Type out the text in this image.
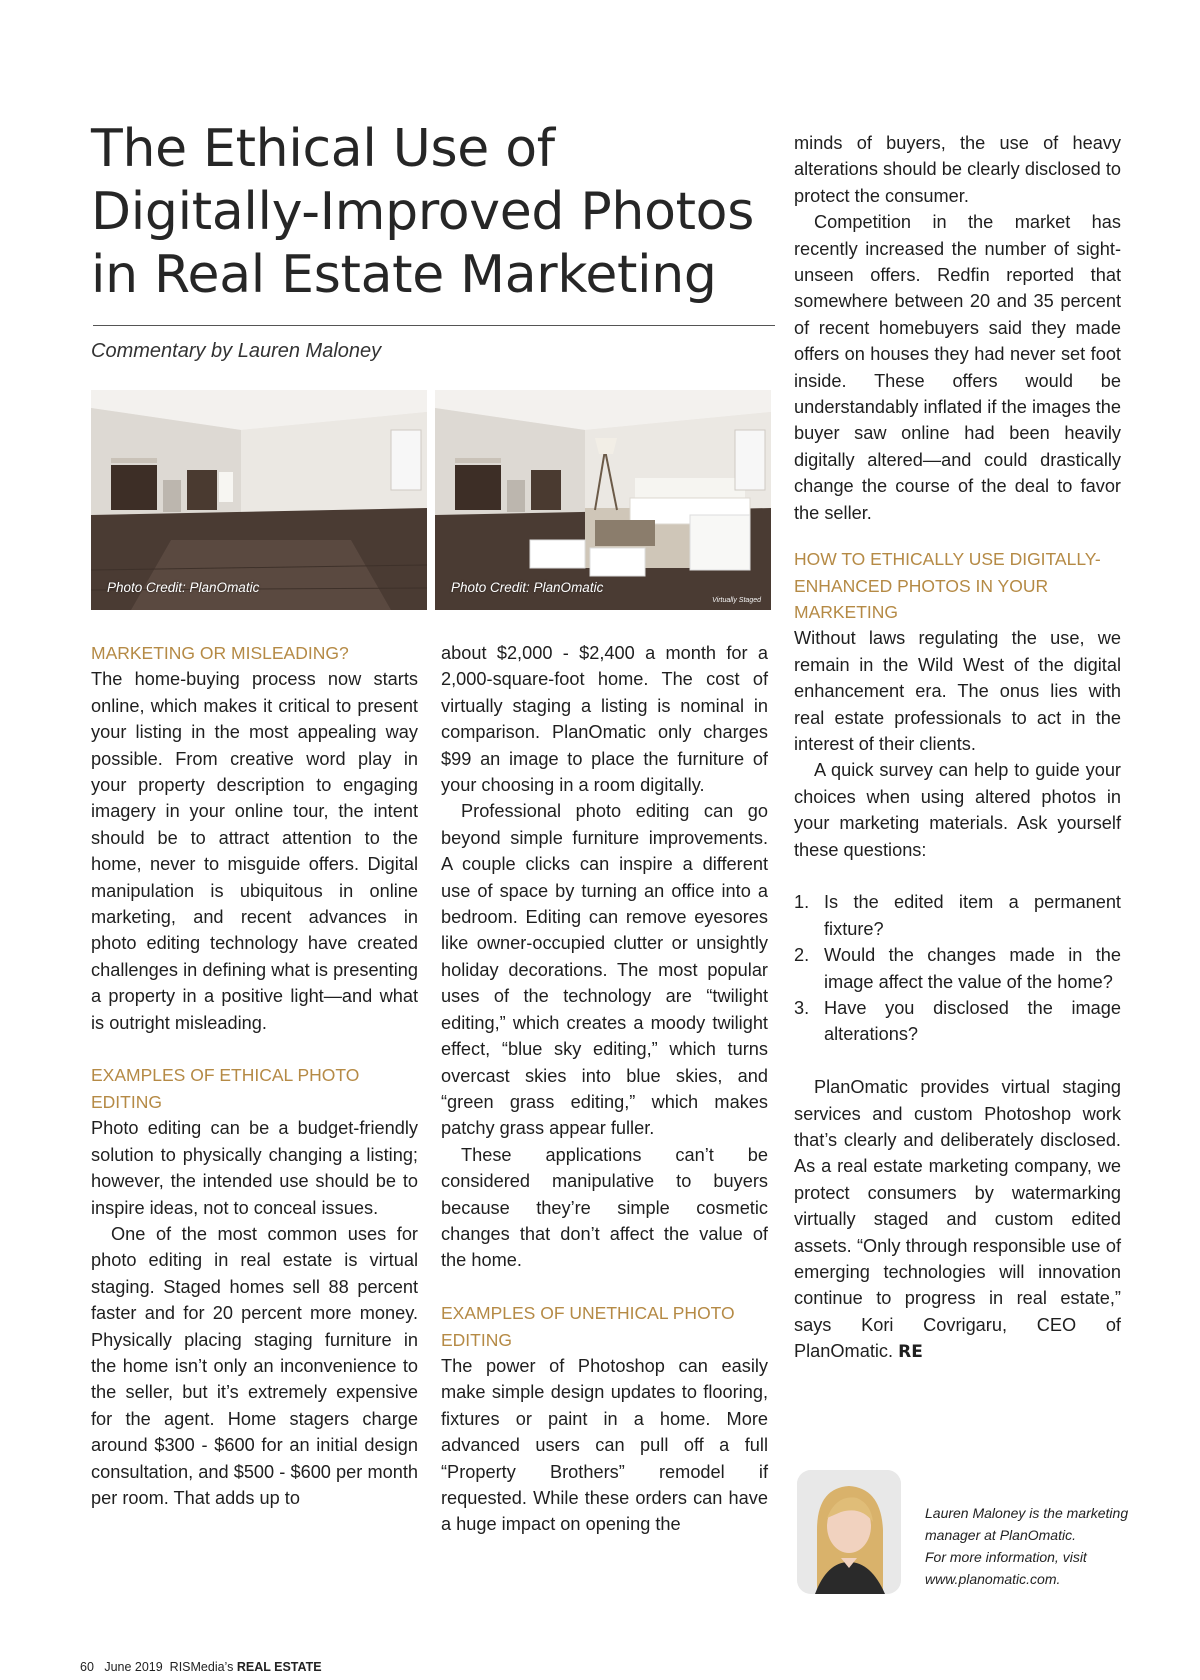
The Ethical Use of Digitally-Improved Photos in Real Estate Marketing

Commentary by Lauren Maloney

Photo Credit: PlanOmatic	Photo Credit: PlanOmatic
Virtually Staged
MARKETING OR MISLEADING?

The home-buying process now starts online, which makes it critical to present your listing in the most appealing way possible. From creative word play in your property description to engaging imagery in your online tour, the intent should be to attract attention to the home, never to misguide offers. Digital manipulation is ubiquitous in online marketing, and recent advances in photo editing technology have created challenges in defining what is presenting a property in a positive light—and what is outright misleading.

EXAMPLES OF ETHICAL PHOTO EDITING

Photo editing can be a budget-friendly solution to physically changing a listing; however, the intended use should be to inspire ideas, not to conceal issues.

One of the most common uses for photo editing in real estate is virtual staging. Staged homes sell 88 percent faster and for 20 percent more money. Physically placing staging furniture in the home isn’t only an inconvenience to the seller, but it’s extremely expensive for the agent. Home stagers charge around $300 - $600 for an initial design consultation, and $500 - $600 per month per room. That adds up to

about $2,000 - $2,400 a month for a 2,000-square-foot home. The cost of virtually staging a listing is nominal in comparison. PlanOmatic only charges $99 an image to place the furniture of your choosing in a room digitally.

Professional photo editing can go beyond simple furniture improvements. A couple clicks can inspire a different use of space by turning an office into a bedroom. Editing can remove eyesores like owner-occupied clutter or unsightly holiday decorations. The most popular uses of the technology are “twilight editing,” which creates a moody twilight effect, “blue sky editing,” which turns overcast skies into blue skies, and “green grass editing,” which makes patchy grass appear fuller.

These applications can’t be considered manipulative to buyers because they’re simple cosmetic changes that don’t affect the value of the home.

EXAMPLES OF UNETHICAL PHOTO EDITING

The power of Photoshop can easily make simple design updates to flooring, fixtures or paint in a home. More advanced users can pull off a full “Property Brothers” remodel if requested. While these orders can have a huge impact on opening the

minds of buyers, the use of heavy alterations should be clearly disclosed to protect the consumer.

Competition in the market has recently increased the number of sight-unseen offers. Redfin reported that somewhere between 20 and 35 percent of recent homebuyers said they made offers on houses they had never set foot inside. These offers would be understandably inflated if the images the buyer saw online had been heavily digitally altered—and could drastically change the course of the deal to favor the seller.

HOW TO ETHICALLY USE DIGITALLY-ENHANCED PHOTOS IN YOUR MARKETING

Without laws regulating the use, we remain in the Wild West of the digital enhancement era. The onus lies with real estate professionals to act in the interest of their clients.

A quick survey can help to guide your choices when using altered photos in your marketing materials. Ask yourself these questions:

1. Is the edited item a permanent fixture?
2. Would the changes made in the image affect the value of the home?
3. Have you disclosed the image alterations?

PlanOmatic provides virtual staging services and custom Photoshop work that’s clearly and deliberately disclosed. As a real estate marketing company, we protect consumers by watermarking virtually staged and custom edited assets. “Only through responsible use of emerging technologies will innovation continue to progress in real estate,” says Kori Covrigaru, CEO of PlanOmatic. RE

Lauren Maloney is the marketing manager at PlanOmatic.

For more information, visit www.planomatic.com.

60 June 2019 RISMedia’s REAL ESTATE
